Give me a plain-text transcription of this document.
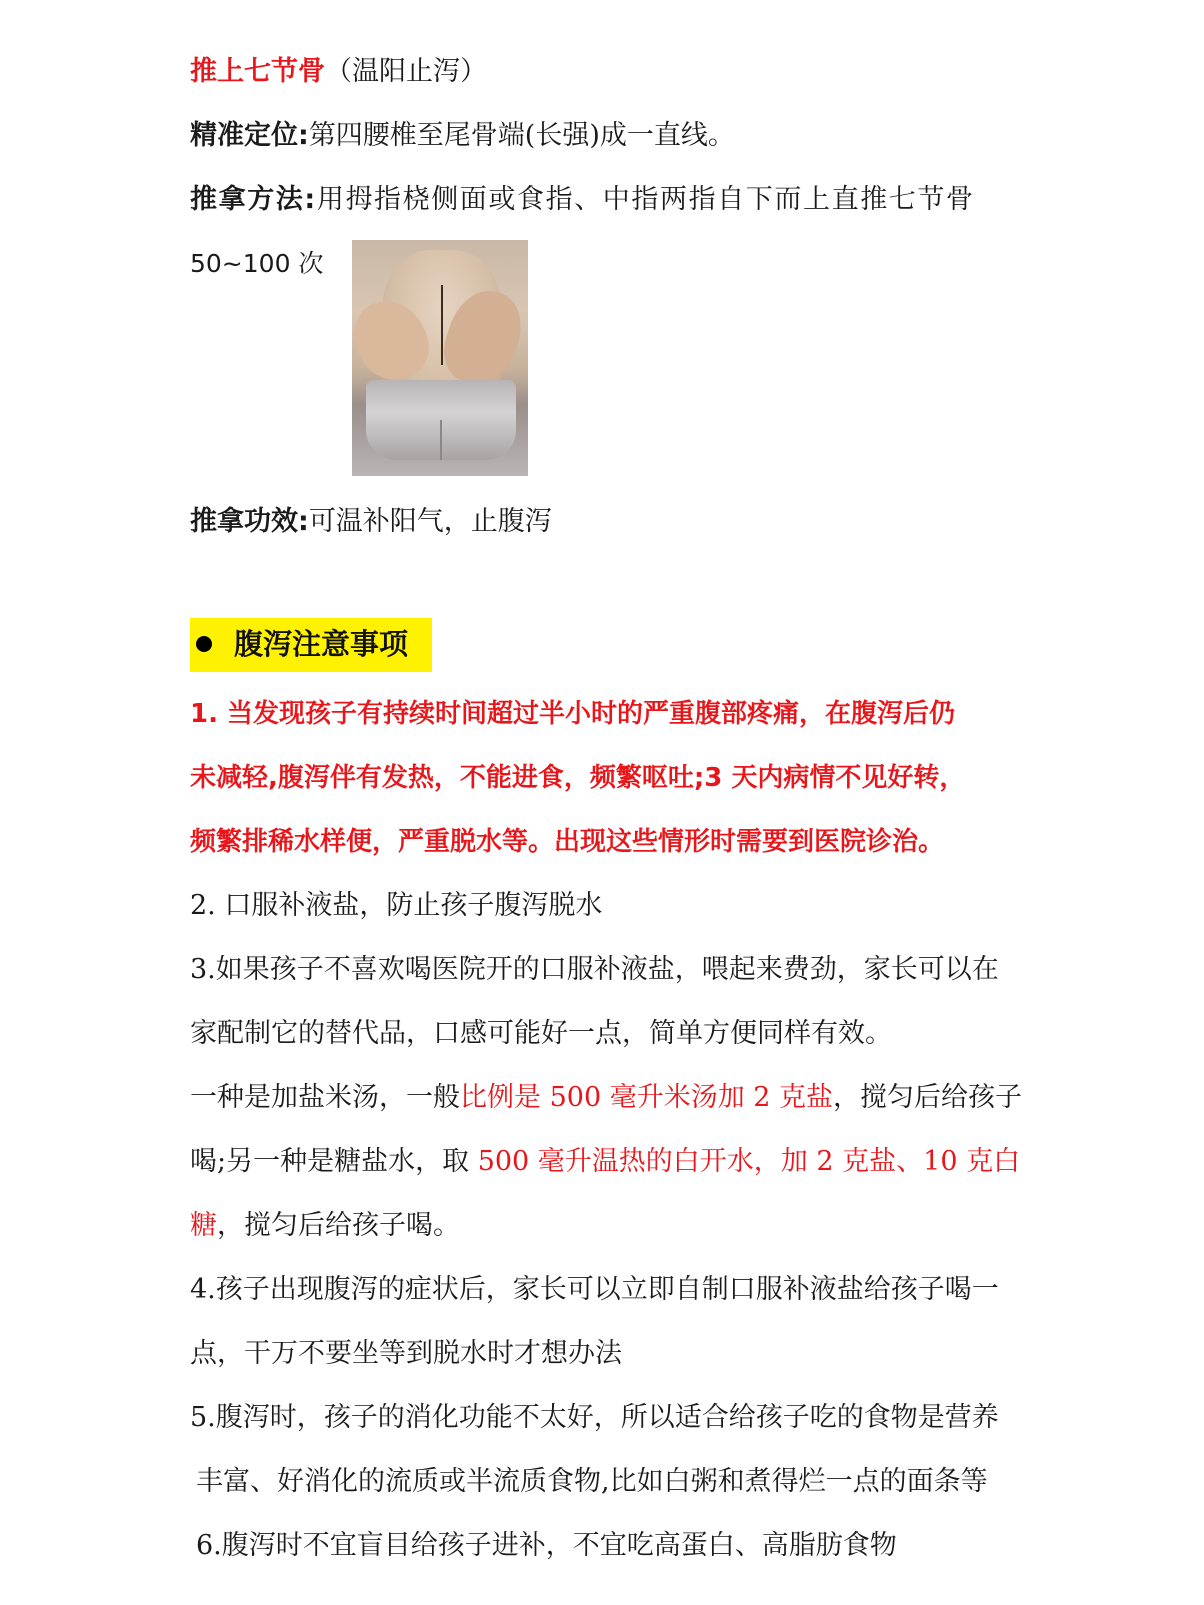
推上七节骨（温阳止泻）
精准定位:第四腰椎至尾骨端(长强)成一直线。
推拿方法:用拇指桡侧面或食指、中指两指自下而上直推七节骨
50~100 次
推拿功效:可温补阳气，止腹泻
腹泻注意事项
1. 当发现孩子有持续时间超过半小时的严重腹部疼痛，在腹泻后仍
未减轻,腹泻伴有发热，不能进食，频繁呕吐;3 天内病情不见好转，
频繁排稀水样便，严重脱水等。出现这些情形时需要到医院诊治。
2. 口服补液盐，防止孩子腹泻脱水
3.如果孩子不喜欢喝医院开的口服补液盐，喂起来费劲，家长可以在
家配制它的替代品，口感可能好一点，简单方便同样有效。
一种是加盐米汤，一般比例是 500 毫升米汤加 2 克盐，搅匀后给孩子
喝;另一种是糖盐水，取 500 毫升温热的白开水，加 2 克盐、10 克白
糖，搅匀后给孩子喝。
4.孩子出现腹泻的症状后，家长可以立即自制口服补液盐给孩子喝一
点，干万不要坐等到脱水时才想办法
5.腹泻时，孩子的消化功能不太好，所以适合给孩子吃的食物是营养
丰富、好消化的流质或半流质食物,比如白粥和煮得烂一点的面条等
6.腹泻时不宜盲目给孩子进补，不宜吃高蛋白、高脂肪食物
